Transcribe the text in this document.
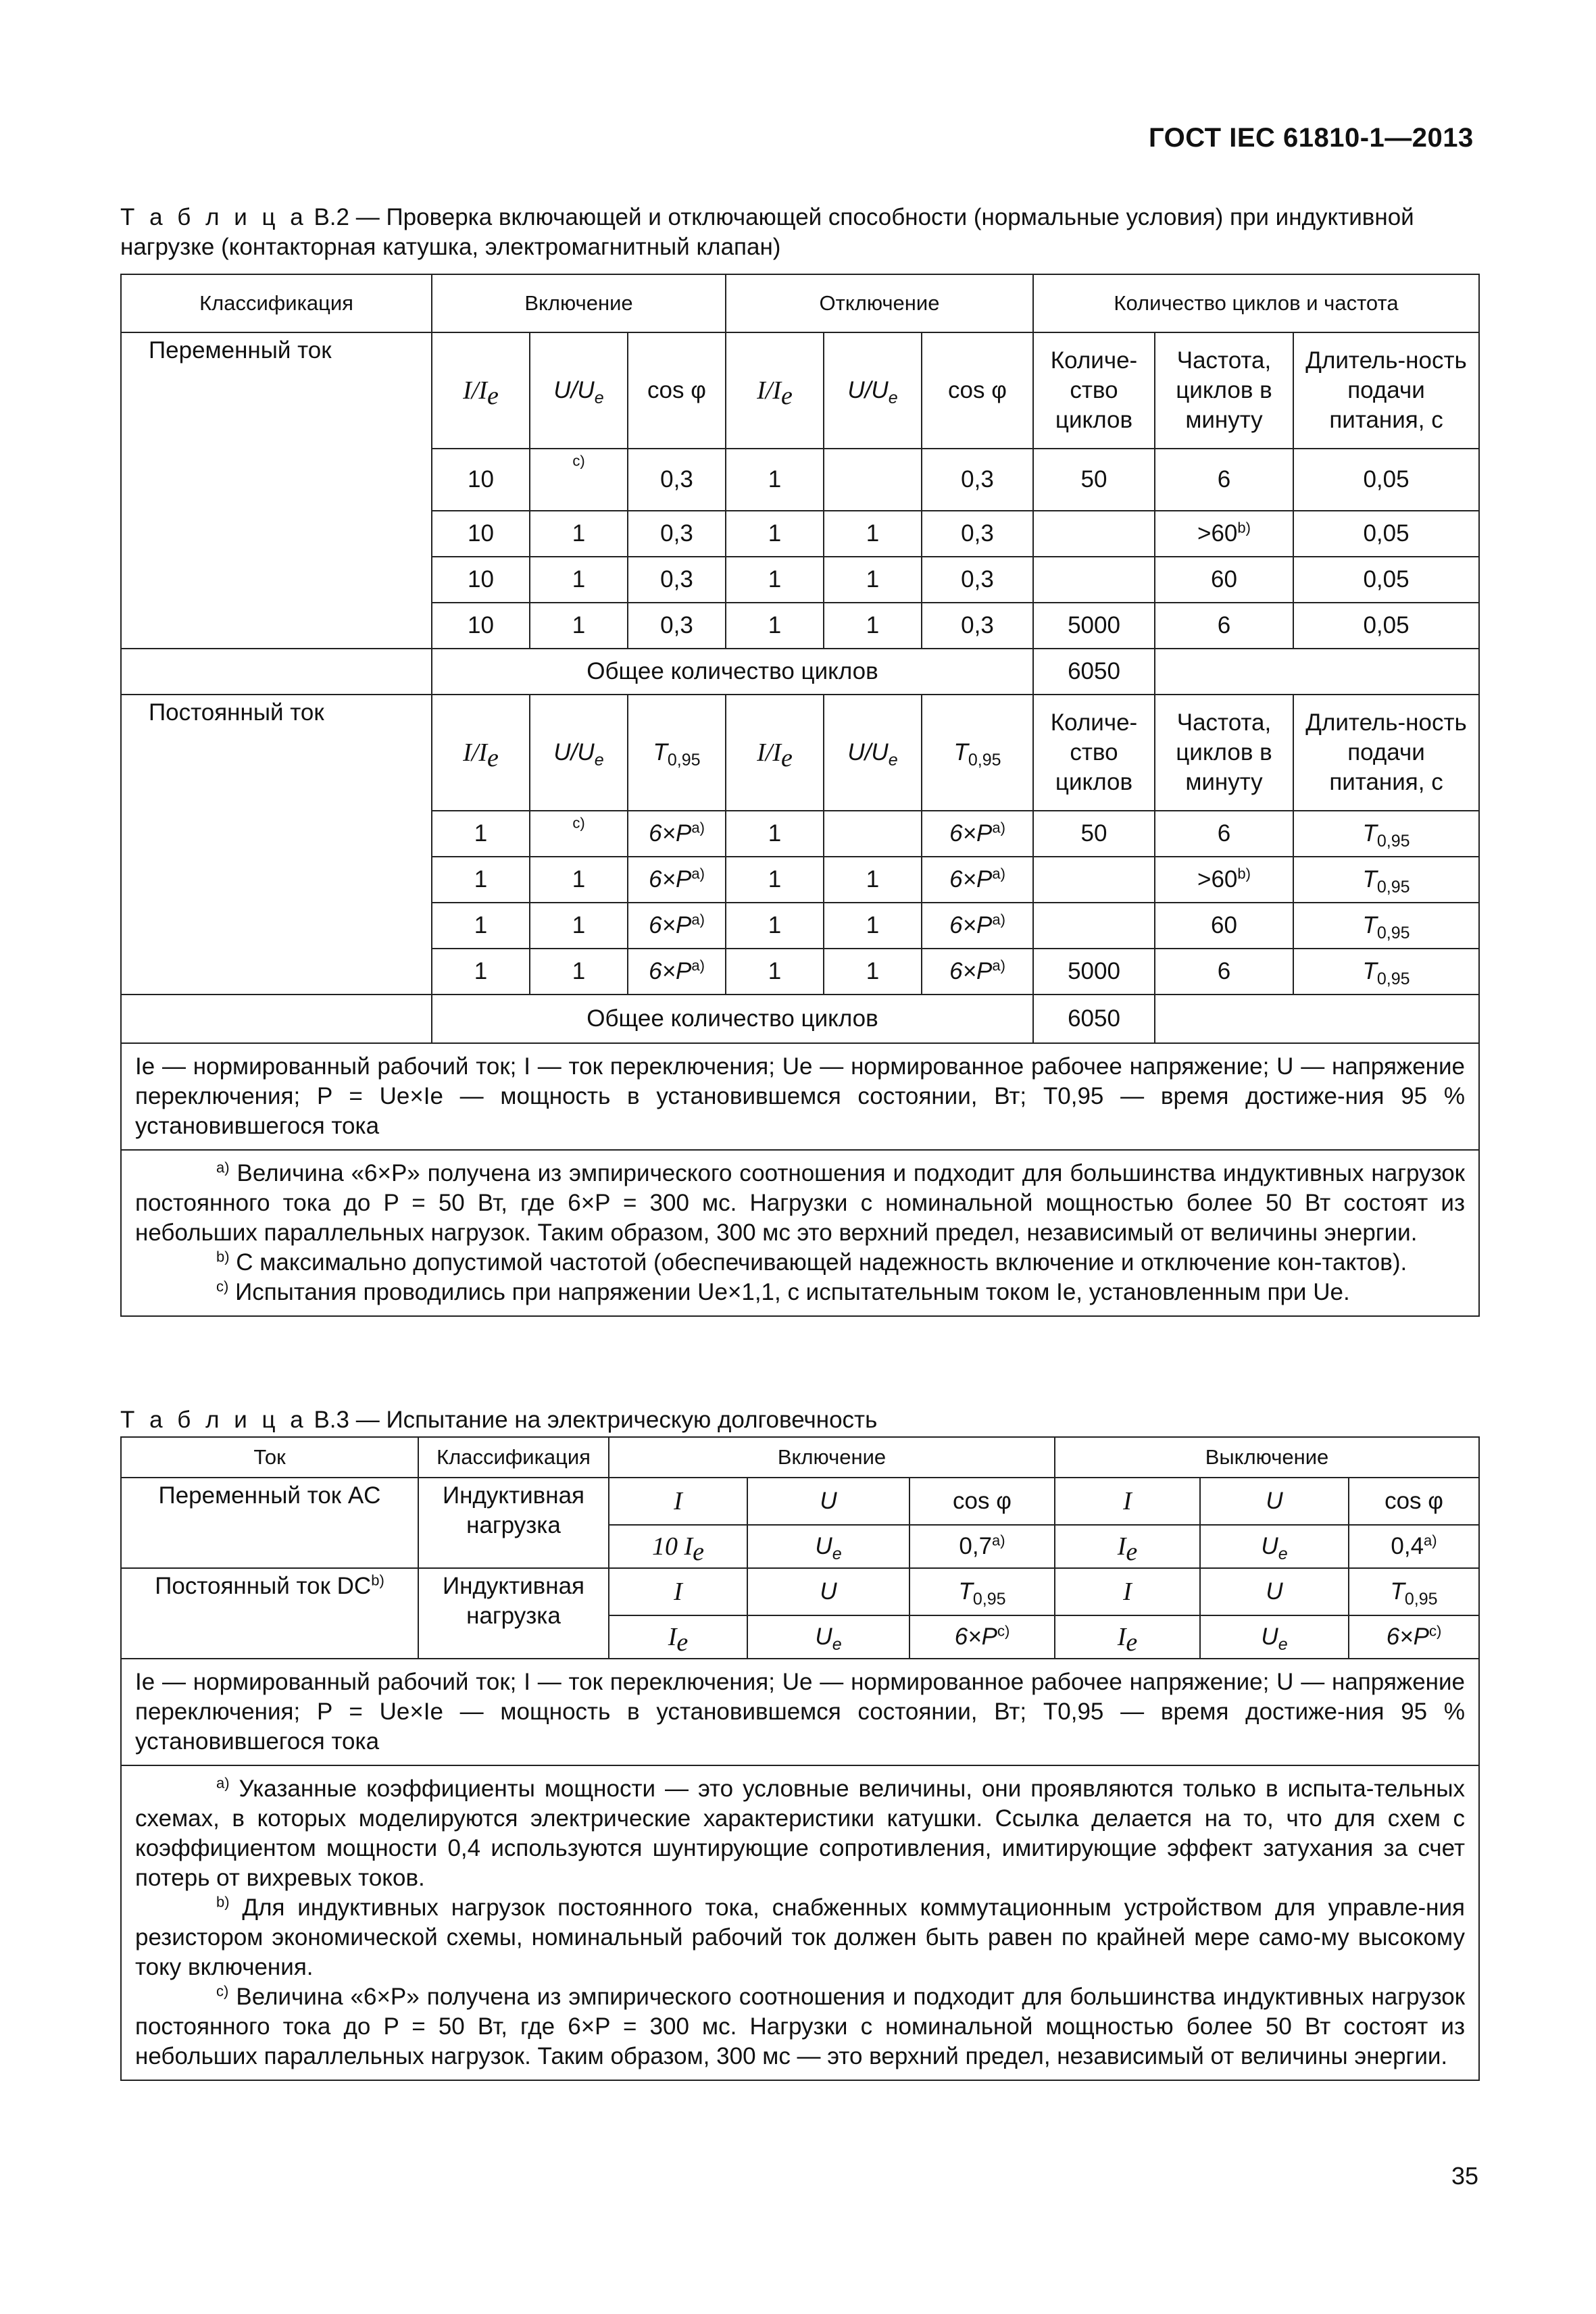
ГОСТ IEC 61810-1—2013
Т а б л и ц а B.2 — Проверка включающей и отключающей способности (нормальные условия) при индуктивной
нагрузке (контакторная катушка, электромагнитный клапан)
Классификация	Включение			Отключение			Количество циклов и частота		
Переменный ток	$I/I_e$	$U/U_e$	cos φ	$I/I_e$	$U/U_e$	cos φ	Количе-ство циклов	Частота, циклов в минуту	Длитель-ность подачи питания, с
	10	$^{c)}$	0,3	1		0,3	50	6	0,05
	10	1	0,3	1	1	0,3		$>60^{b)}$	0,05
	10	1	0,3	1	1	0,3		60	0,05
	10	1	0,3	1	1	0,3	5000	6	0,05
	Общее количество циклов						6050		
Постоянный ток	$I/I_e$	$U/U_e$	$T_{0,95}$	$I/I_e$	$U/U_e$	$T_{0,95}$	Количе-ство циклов	Частота, циклов в минуту	Длитель-ность подачи питания, с
	1	$^{c)}$	$6\times P^{a)}$	1		$6\times P^{a)}$	50	6	$T_{0,95}$
	1	1	$6\times P^{a)}$	1	1	$6\times P^{a)}$		$>60^{b)}$	$T_{0,95}$
	1	1	$6\times P^{a)}$	1	1	$6\times P^{a)}$		60	$T_{0,95}$
	1	1	$6\times P^{a)}$	1	1	$6\times P^{a)}$	5000	6	$T_{0,95}$
	Общее количество циклов						6050		
Ie — нормированный рабочий ток; I — ток переключения; Ue — нормированное рабочее напряжение; U — напряжение переключения; P = Ue×Ie — мощность в установившемся состоянии, Вт; T0,95 — время достиже-ния 95 % установившегося тока									

$^{a)}$ Величина «6×P» получена из эмпирического соотношения и подходит для большинства индуктивных нагрузок постоянного тока до P = 50 Вт, где 6×P = 300 мс. Нагрузки с номинальной мощностью более 50 Вт состоят из небольших параллельных нагрузок. Таким образом, 300 мс это верхний предел, независимый от величины энергии.
$^{b)}$ С максимально допустимой частотой (обеспечивающей надежность включение и отключение кон-тактов).
$^{c)}$ Испытания проводились при напряжении Ue×1,1, с испытательным током Ie, установленным при Ue.									
Т а б л и ц а B.3 — Испытание на электрическую долговечность
Ток	Классификация	Включение			Выключение		
Переменный ток AC	Индуктивная нагрузка	I	U	cos φ	I	U	cos φ
		10 $I_e$	$U_e$	0,7$^{a)}$	$I_e$	$U_e$	0,4$^{a)}$
Постоянный ток DC$^{b)}$	Индуктивная нагрузка	I	U	$T_{0,95}$	I	U	$T_{0,95}$
		$I_e$	$U_e$	$6\times P^{c)}$	$I_e$	$U_e$	$6\times P^{c)}$
Ie — нормированный рабочий ток; I — ток переключения; Ue — нормированное рабочее напряжение; U — напряжение переключения; P = Ue×Ie — мощность в установившемся состоянии, Вт; T0,95 — время достиже-ния 95 % установившегося тока							

$^{a)}$ Указанные коэффициенты мощности — это условные величины, они проявляются только в испыта-тельных схемах, в которых моделируются электрические характеристики катушки. Ссылка делается на то, что для схем с коэффициентом мощности 0,4 используются шунтирующие сопротивления, имитирующие эффект затухания за счет потерь от вихревых токов.
$^{b)}$ Для индуктивных нагрузок постоянного тока, снабженных коммутационным устройством для управле-ния резистором экономической схемы, номинальный рабочий ток должен быть равен по крайней мере само-му высокому току включения.
$^{c)}$ Величина «6×P» получена из эмпирического соотношения и подходит для большинства индуктивных нагрузок постоянного тока до P = 50 Вт, где 6×P = 300 мс. Нагрузки с номинальной мощностью более 50 Вт состоят из небольших параллельных нагрузок. Таким образом, 300 мс — это верхний предел, независимый от величины энергии.							
35
